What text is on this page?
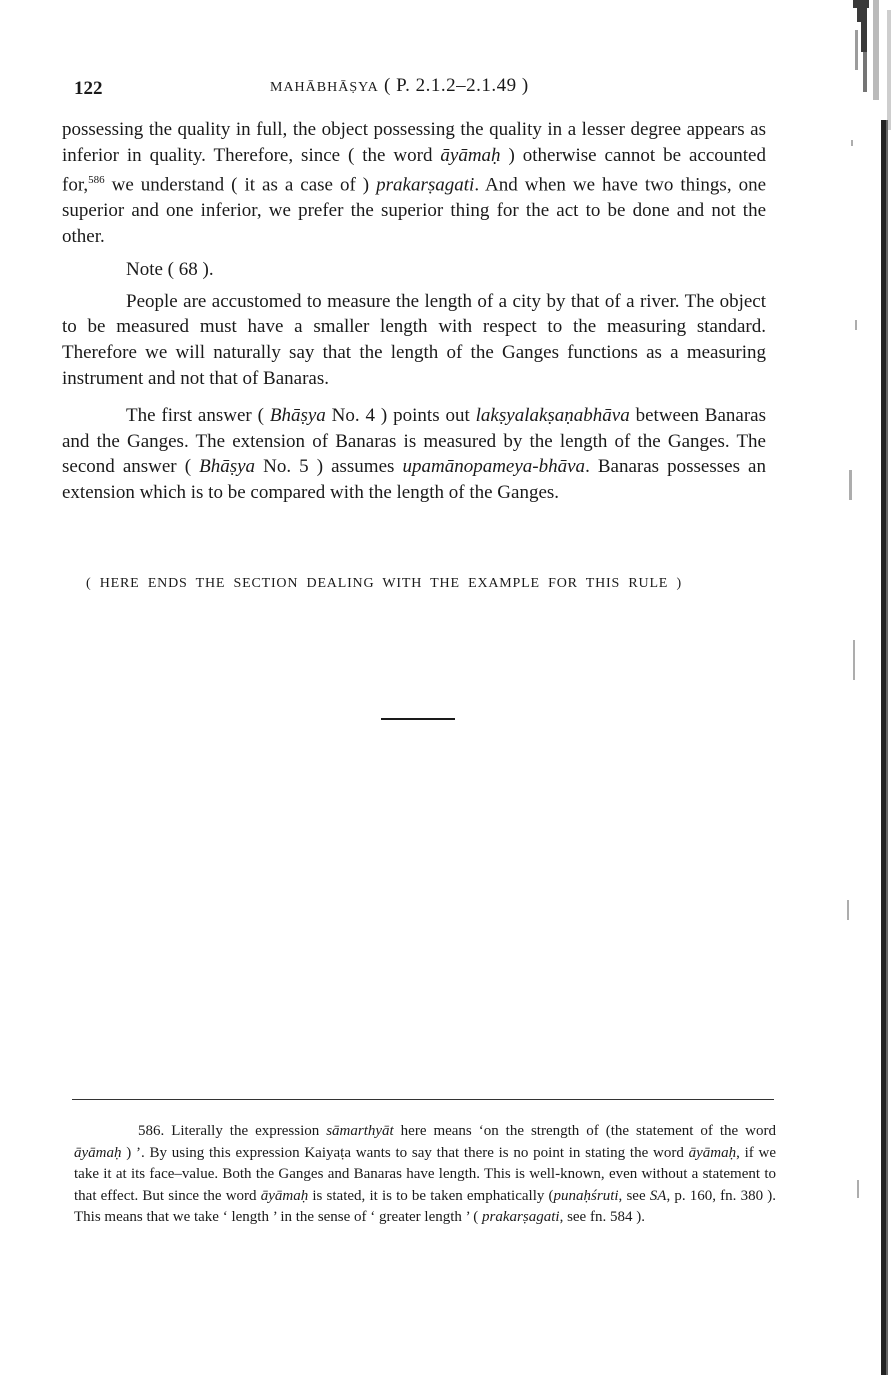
122	MAHĀBHĀṢYA ( P. 2.1.2–2.1.49 )

possessing the quality in full, the object possessing the quality in a lesser degree appears as inferior in quality. Therefore, since ( the word āyāmaḥ ) otherwise cannot be accounted for,$^{586}$ we understand ( it as a case of ) prakarṣagati. And when we have two things, one superior and one inferior, we prefer the superior thing for the act to be done and not the other.

Note ( 68 ).

People are accustomed to measure the length of a city by that of a river. The object to be measured must have a smaller length with respect to the measuring standard. Therefore we will naturally say that the length of the Ganges functions as a measuring instrument and not that of Banaras.

The first answer ( Bhāṣya No. 4 ) points out lakṣyalakṣaṇabhāva between Banaras and the Ganges. The extension of Banaras is measured by the length of the Ganges. The second answer ( Bhāṣya No. 5 ) assumes upamānopameya-bhāva. Banaras possesses an extension which is to be compared with the length of the Ganges.

( HERE ENDS THE SECTION DEALING WITH THE EXAMPLE FOR THIS RULE )

586. Literally the expression sāmarthyāt here means ‘on the strength of (the statement of the word āyāmaḥ ) ’. By using this expression Kaiyaṭa wants to say that there is no point in stating the word āyāmaḥ, if we take it at its face–value. Both the Ganges and Banaras have length. This is well-known, even without a statement to that effect. But since the word āyāmaḥ is stated, it is to be taken emphatically (punaḥśruti, see SA, p. 160, fn. 380 ). This means that we take ‘ length ’ in the sense of ‘ greater length ’ ( prakarṣagati, see fn. 584 ).
